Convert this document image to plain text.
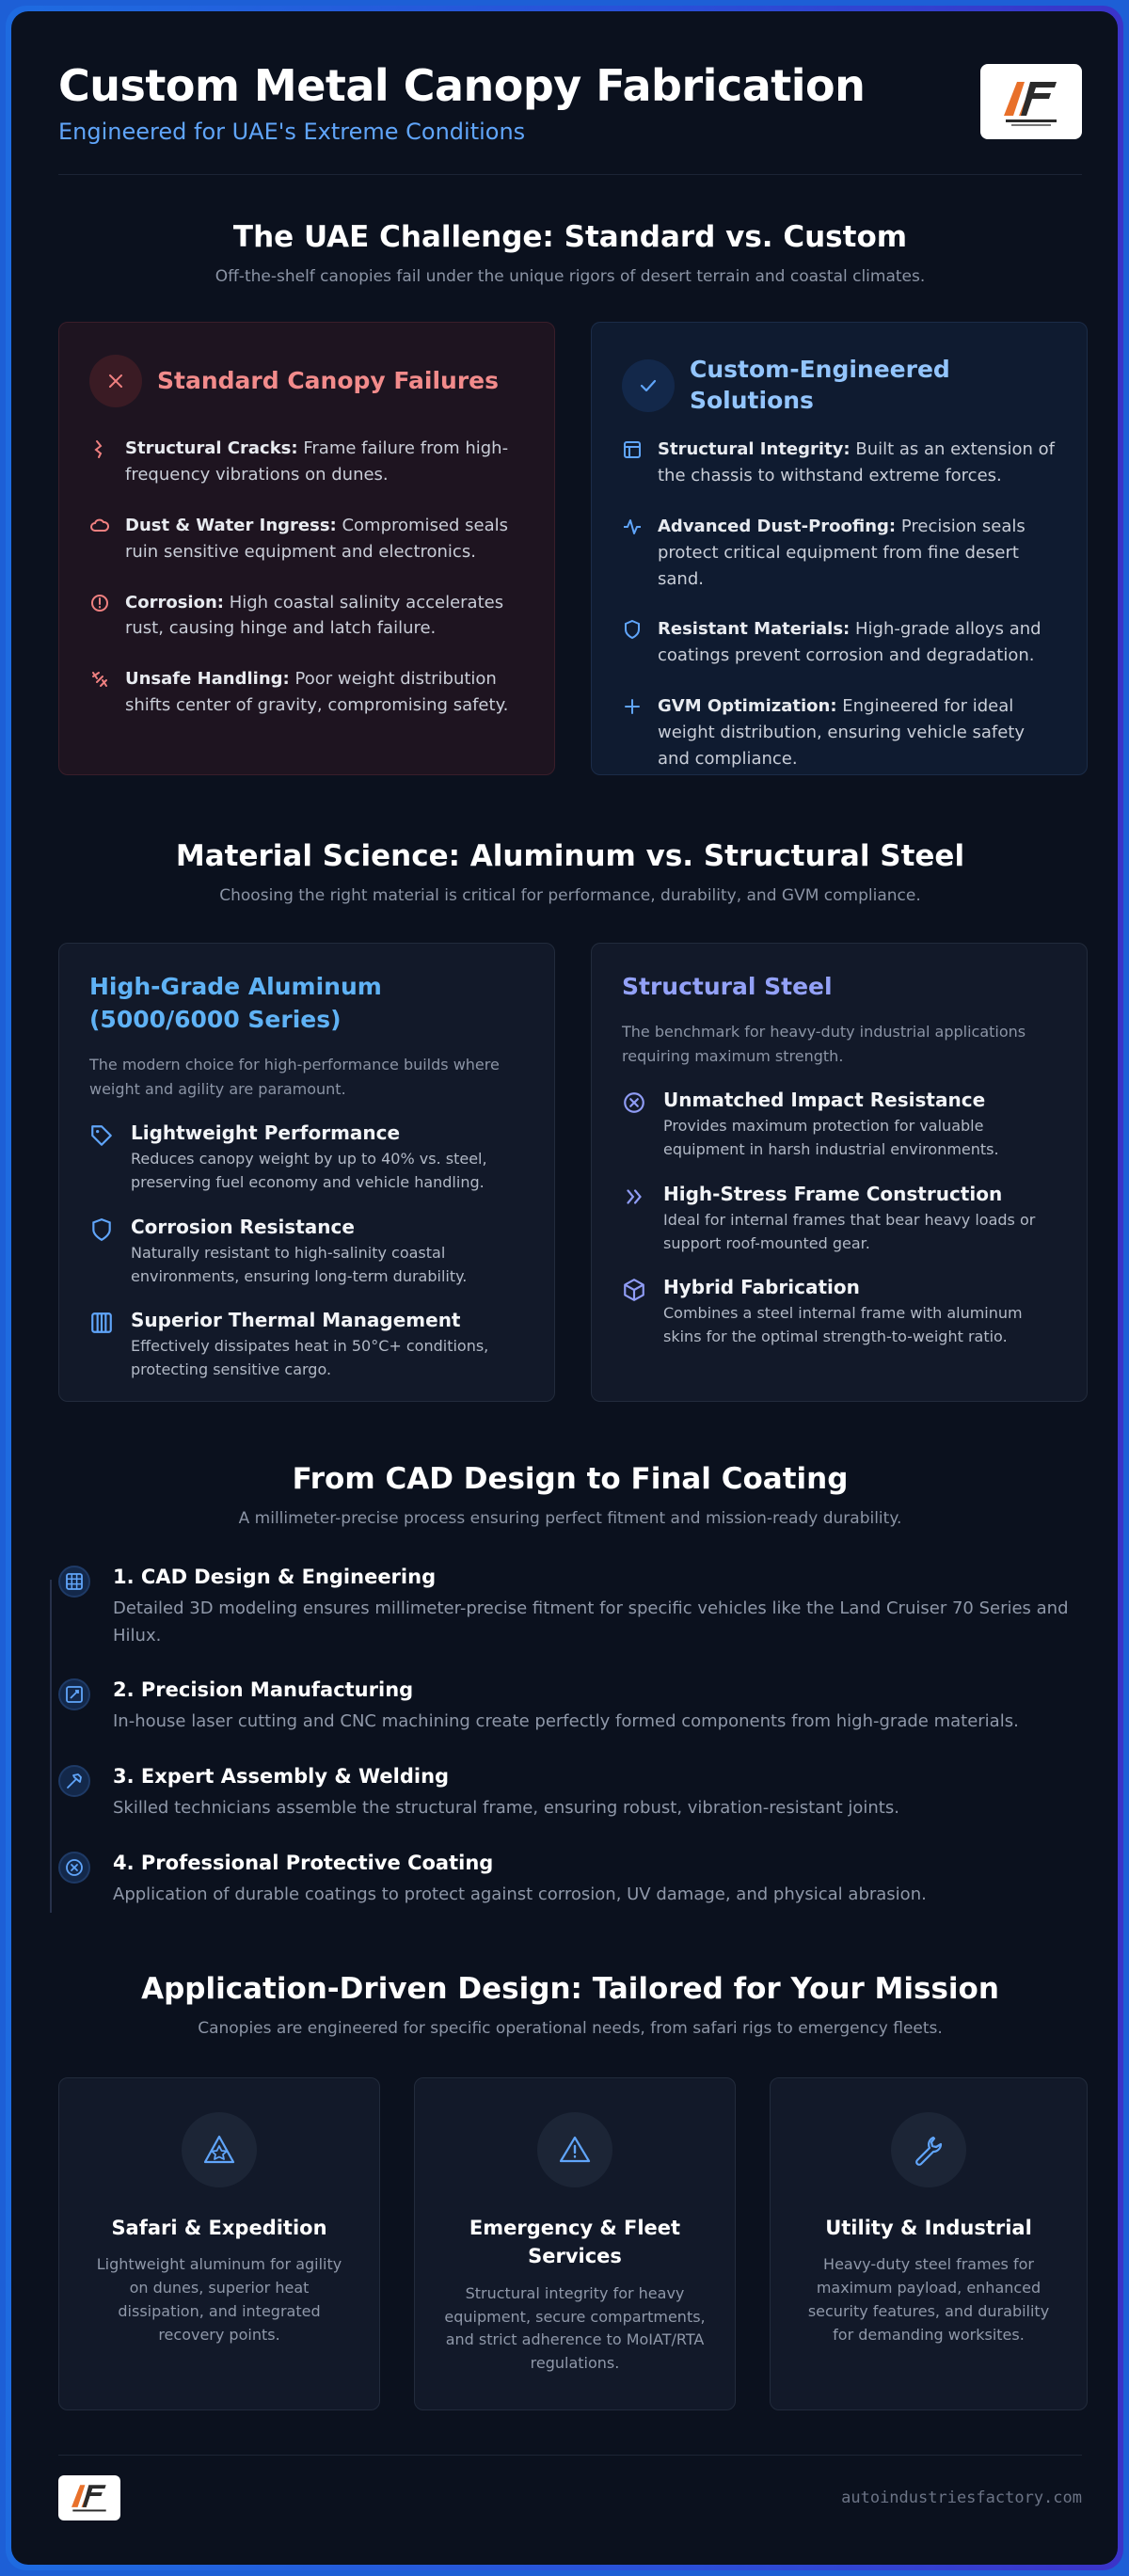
Custom Metal Canopy Fabrication
Engineered for UAE's Extreme Conditions
The UAE Challenge: Standard vs. Custom
Off-the-shelf canopies fail under the unique rigors of desert terrain and coastal climates.
Standard Canopy Failures
Structural Cracks: Frame failure from high-frequency vibrations on dunes.
Dust & Water Ingress: Compromised seals ruin sensitive equipment and electronics.
Corrosion: High coastal salinity accelerates rust, causing hinge and latch failure.
Unsafe Handling: Poor weight distribution shifts center of gravity, compromising safety.
Custom-Engineered Solutions
Structural Integrity: Built as an extension of the chassis to withstand extreme forces.
Advanced Dust-Proofing: Precision seals protect critical equipment from fine desert sand.
Resistant Materials: High-grade alloys and coatings prevent corrosion and degradation.
GVM Optimization: Engineered for ideal weight distribution, ensuring vehicle safety and compliance.
Material Science: Aluminum vs. Structural Steel
Choosing the right material is critical for performance, durability, and GVM compliance.
High-Grade Aluminum (5000/6000 Series)
The modern choice for high-performance builds where weight and agility are paramount.
Lightweight Performance
Reduces canopy weight by up to 40% vs. steel, preserving fuel economy and vehicle handling.
Corrosion Resistance
Naturally resistant to high-salinity coastal environments, ensuring long-term durability.
Superior Thermal Management
Effectively dissipates heat in 50°C+ conditions, protecting sensitive cargo.
Structural Steel
The benchmark for heavy-duty industrial applications requiring maximum strength.
Unmatched Impact Resistance
Provides maximum protection for valuable equipment in harsh industrial environments.
High-Stress Frame Construction
Ideal for internal frames that bear heavy loads or support roof-mounted gear.
Hybrid Fabrication
Combines a steel internal frame with aluminum skins for the optimal strength-to-weight ratio.
From CAD Design to Final Coating
A millimeter-precise process ensuring perfect fitment and mission-ready durability.
1. CAD Design & Engineering
Detailed 3D modeling ensures millimeter-precise fitment for specific vehicles like the Land Cruiser 70 Series and Hilux.
2. Precision Manufacturing
In-house laser cutting and CNC machining create perfectly formed components from high-grade materials.
3. Expert Assembly & Welding
Skilled technicians assemble the structural frame, ensuring robust, vibration-resistant joints.
4. Professional Protective Coating
Application of durable coatings to protect against corrosion, UV damage, and physical abrasion.
Application-Driven Design: Tailored for Your Mission
Canopies are engineered for specific operational needs, from safari rigs to emergency fleets.
Safari & Expedition
Lightweight aluminum for agility on dunes, superior heat dissipation, and integrated recovery points.
Emergency & Fleet Services
Structural integrity for heavy equipment, secure compartments, and strict adherence to MoIAT/RTA regulations.
Utility & Industrial
Heavy-duty steel frames for maximum payload, enhanced security features, and durability for demanding worksites.
autoindustriesfactory.com
